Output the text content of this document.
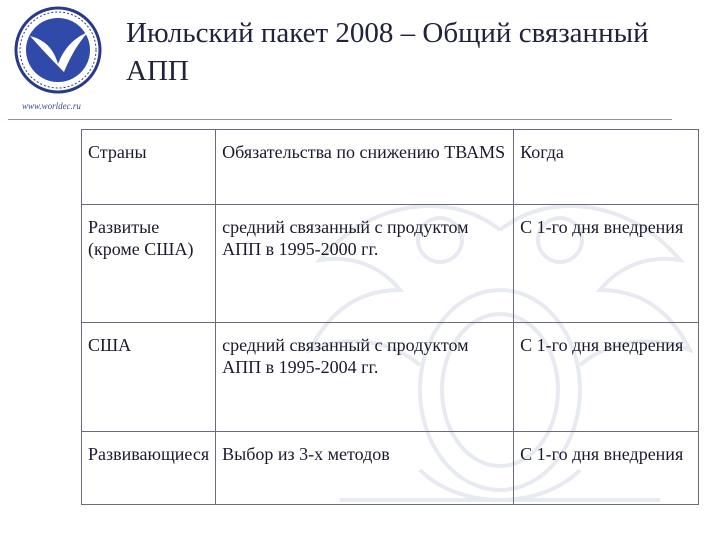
www.worldec.ru
Июльский пакет 2008 – Общий связанный АПП
Страны	Обязательства по снижению ТВАМS	Когда
Развитые (кроме США)	средний связанный с продуктом АПП в 1995-2000 гг.	С 1-го дня внедрения
США	средний связанный с продуктом АПП в 1995-2004 гг.	С 1-го дня внедрения
Развивающиеся	Выбор из 3-х методов	С 1-го дня внедрения
